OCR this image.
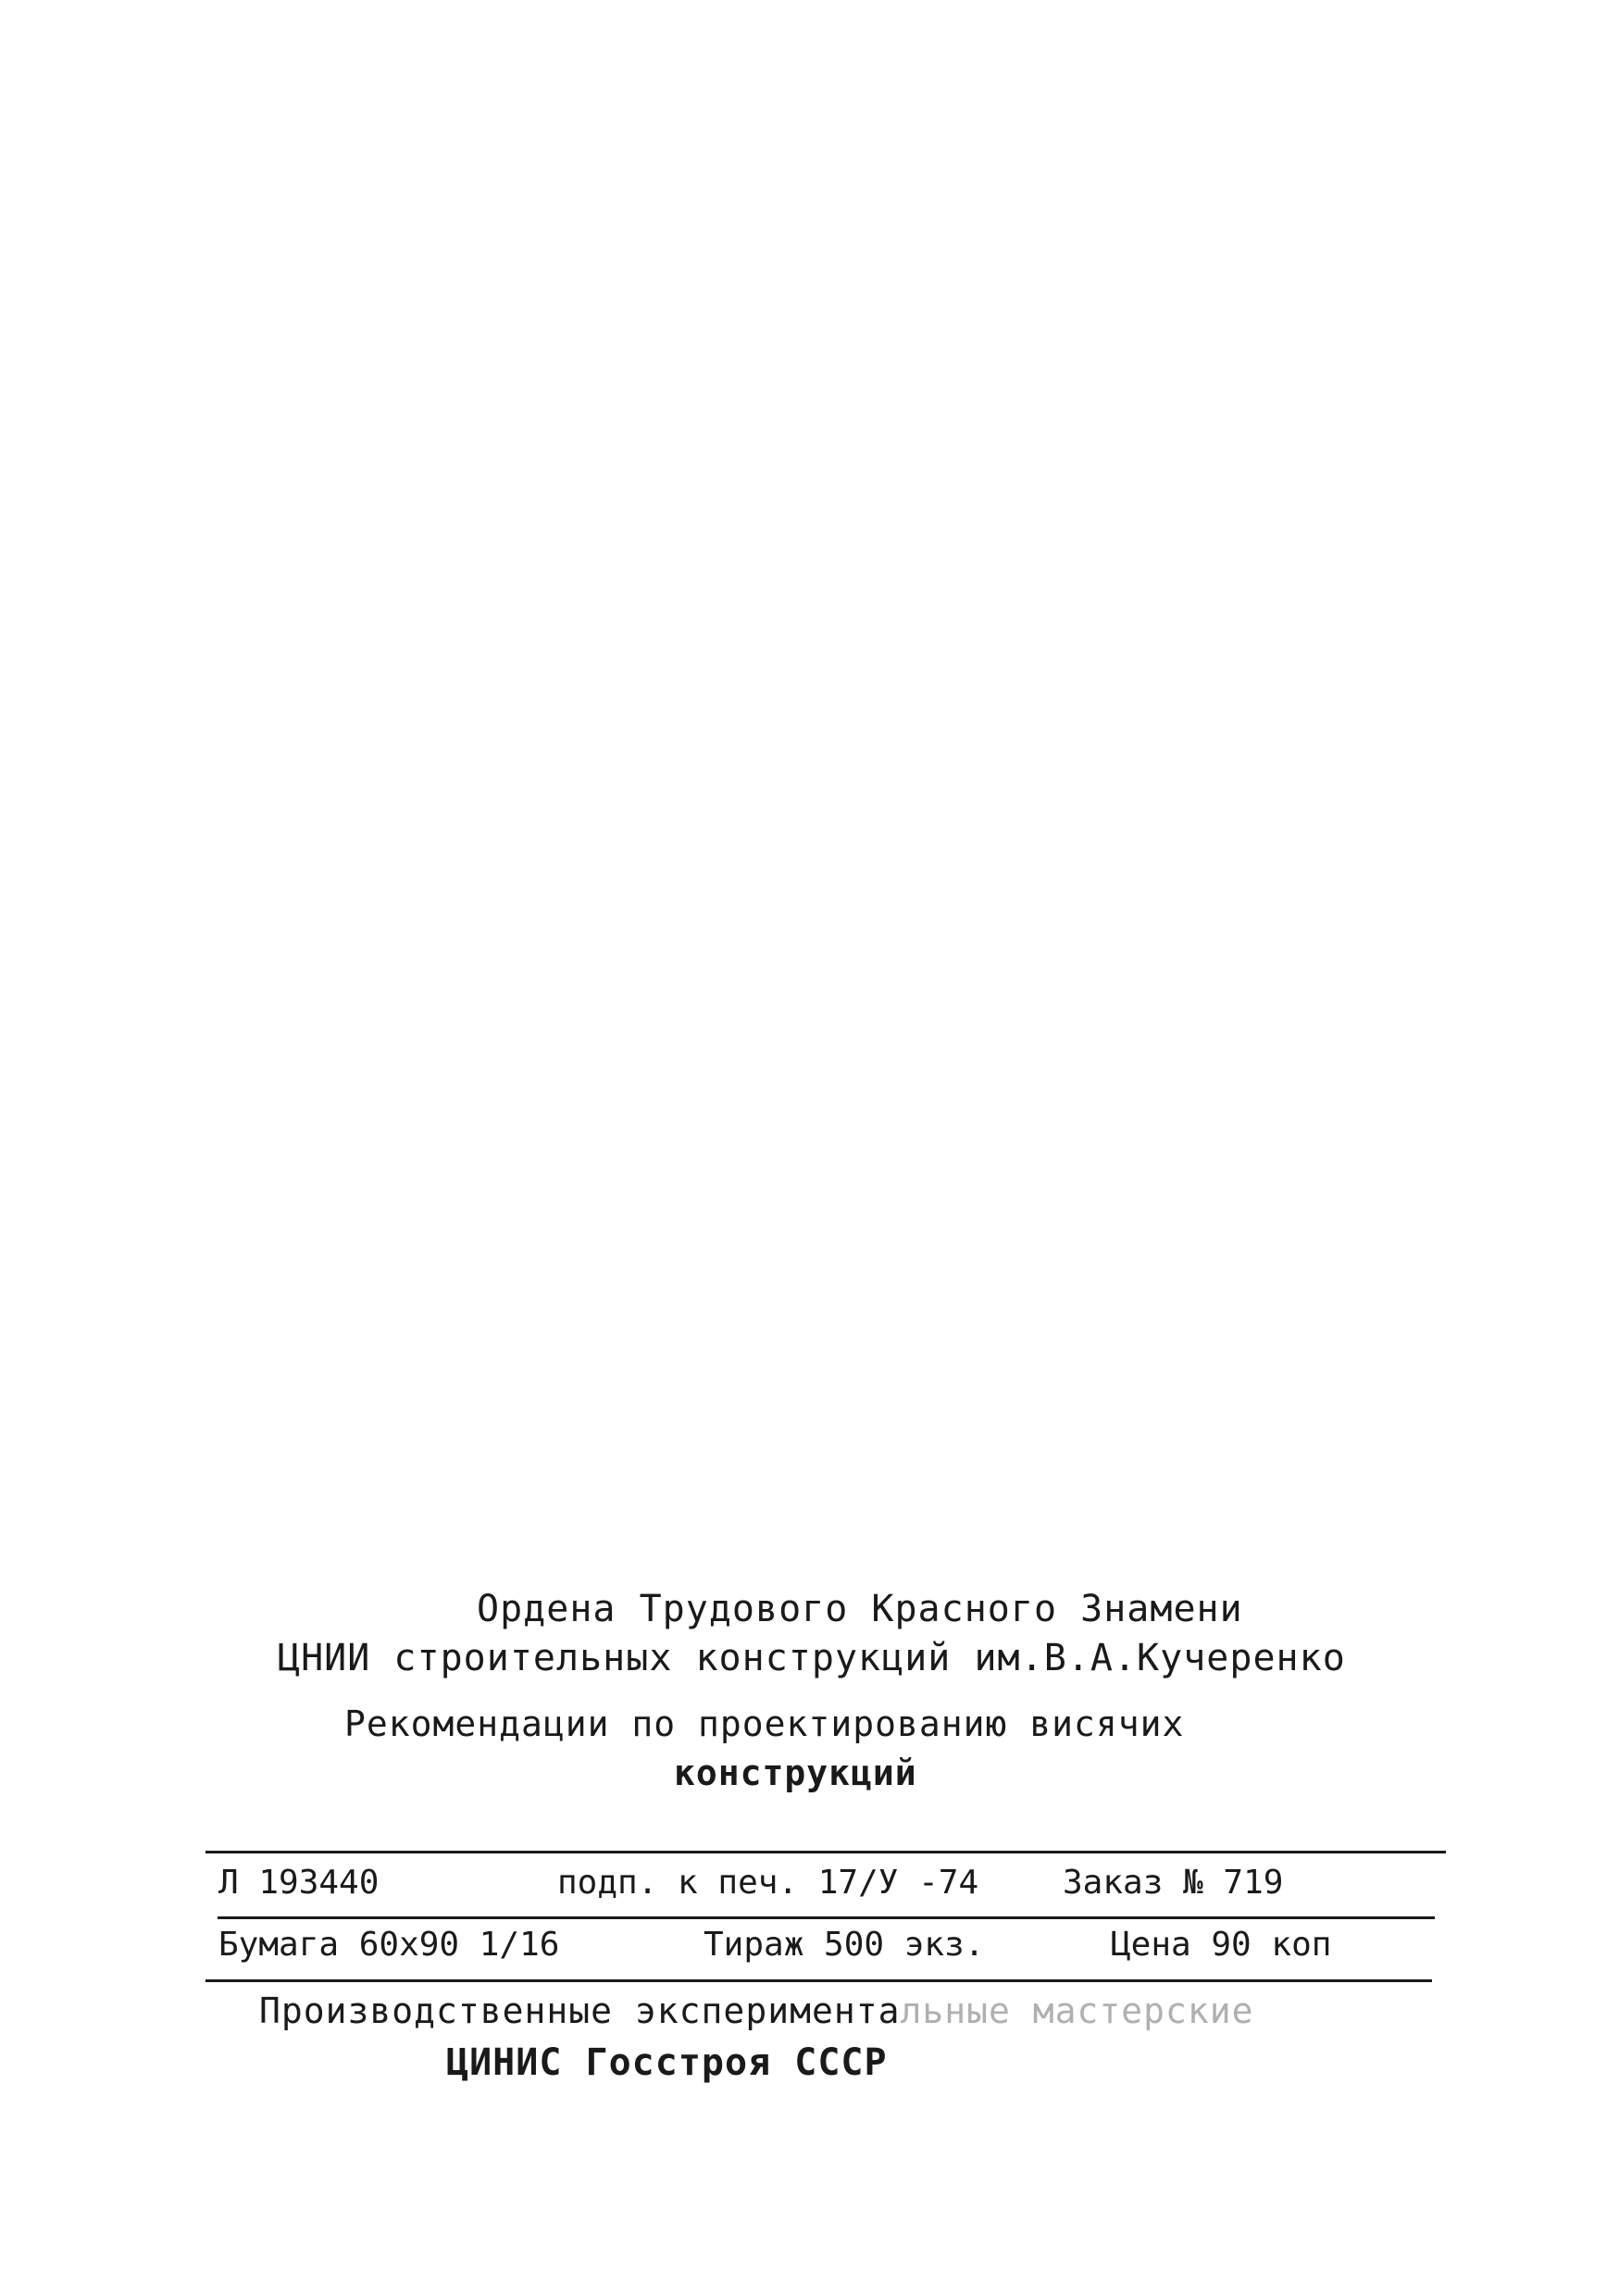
Ордена Трудового Красного Знамени
ЦНИИ строительных конструкций им.В.А.Кучеренко
Рекомендации по проектированию висячих
конструкций
Л 193440	подп. к печ. 17/У -74	Заказ № 719
Бумага 60х90 1/16	Тираж 500 экз.	Цена 90 коп
Производственные экспериментальные мастерские
ЦИНИС Госстроя СССР
